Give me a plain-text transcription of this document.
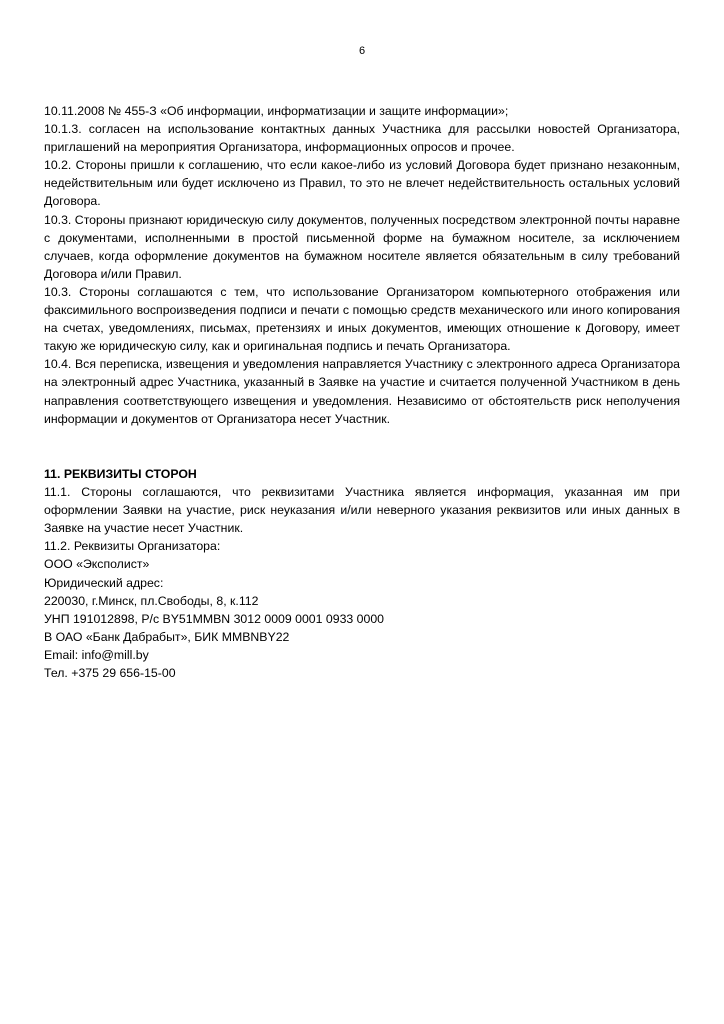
6

10.11.2008 № 455-З «Об информации, информатизации и защите информации»;

10.1.3. согласен на использование контактных данных Участника для рассылки новостей Организатора, приглашений на мероприятия Организатора, информационных опросов и прочее.

10.2. Стороны пришли к соглашению, что если какое-либо из условий Договора будет признано незаконным, недействительным или будет исключено из Правил, то это не влечет недействительность остальных условий Договора.

10.3. Стороны признают юридическую силу документов, полученных посредством электронной почты наравне с документами, исполненными в простой письменной форме на бумажном носителе, за исключением случаев, когда оформление документов на бумажном носителе является обязательным в силу требований Договора и/или Правил.

10.3. Стороны соглашаются с тем, что использование Организатором компьютерного отображения или факсимильного воспроизведения подписи и печати с помощью средств механического или иного копирования на счетах, уведомлениях, письмах, претензиях и иных документов, имеющих отношение к Договору, имеет такую же юридическую силу, как и оригинальная подпись и печать Организатора.

10.4. Вся переписка, извещения и уведомления направляется Участнику с электронного адреса Организатора на электронный адрес Участника, указанный в Заявке на участие и считается полученной Участником в день направления соответствующего извещения и уведомления. Независимо от обстоятельств риск неполучения информации и документов от Организатора несет Участник.

11. РЕКВИЗИТЫ СТОРОН

11.1. Стороны соглашаются, что реквизитами Участника является информация, указанная им при оформлении Заявки на участие, риск неуказания и/или неверного указания реквизитов или иных данных в Заявке на участие несет Участник.

11.2. Реквизиты Организатора:
ООО «Эксполист»
Юридический адрес:
220030, г.Минск, пл.Свободы, 8, к.112
УНП 191012898, Р/с BY51MMBN 3012 0009 0001 0933 0000
В ОАО «Банк Дабрабыт», БИК MMBNBY22
Email: info@mill.by
Тел. +375 29 656-15-00
